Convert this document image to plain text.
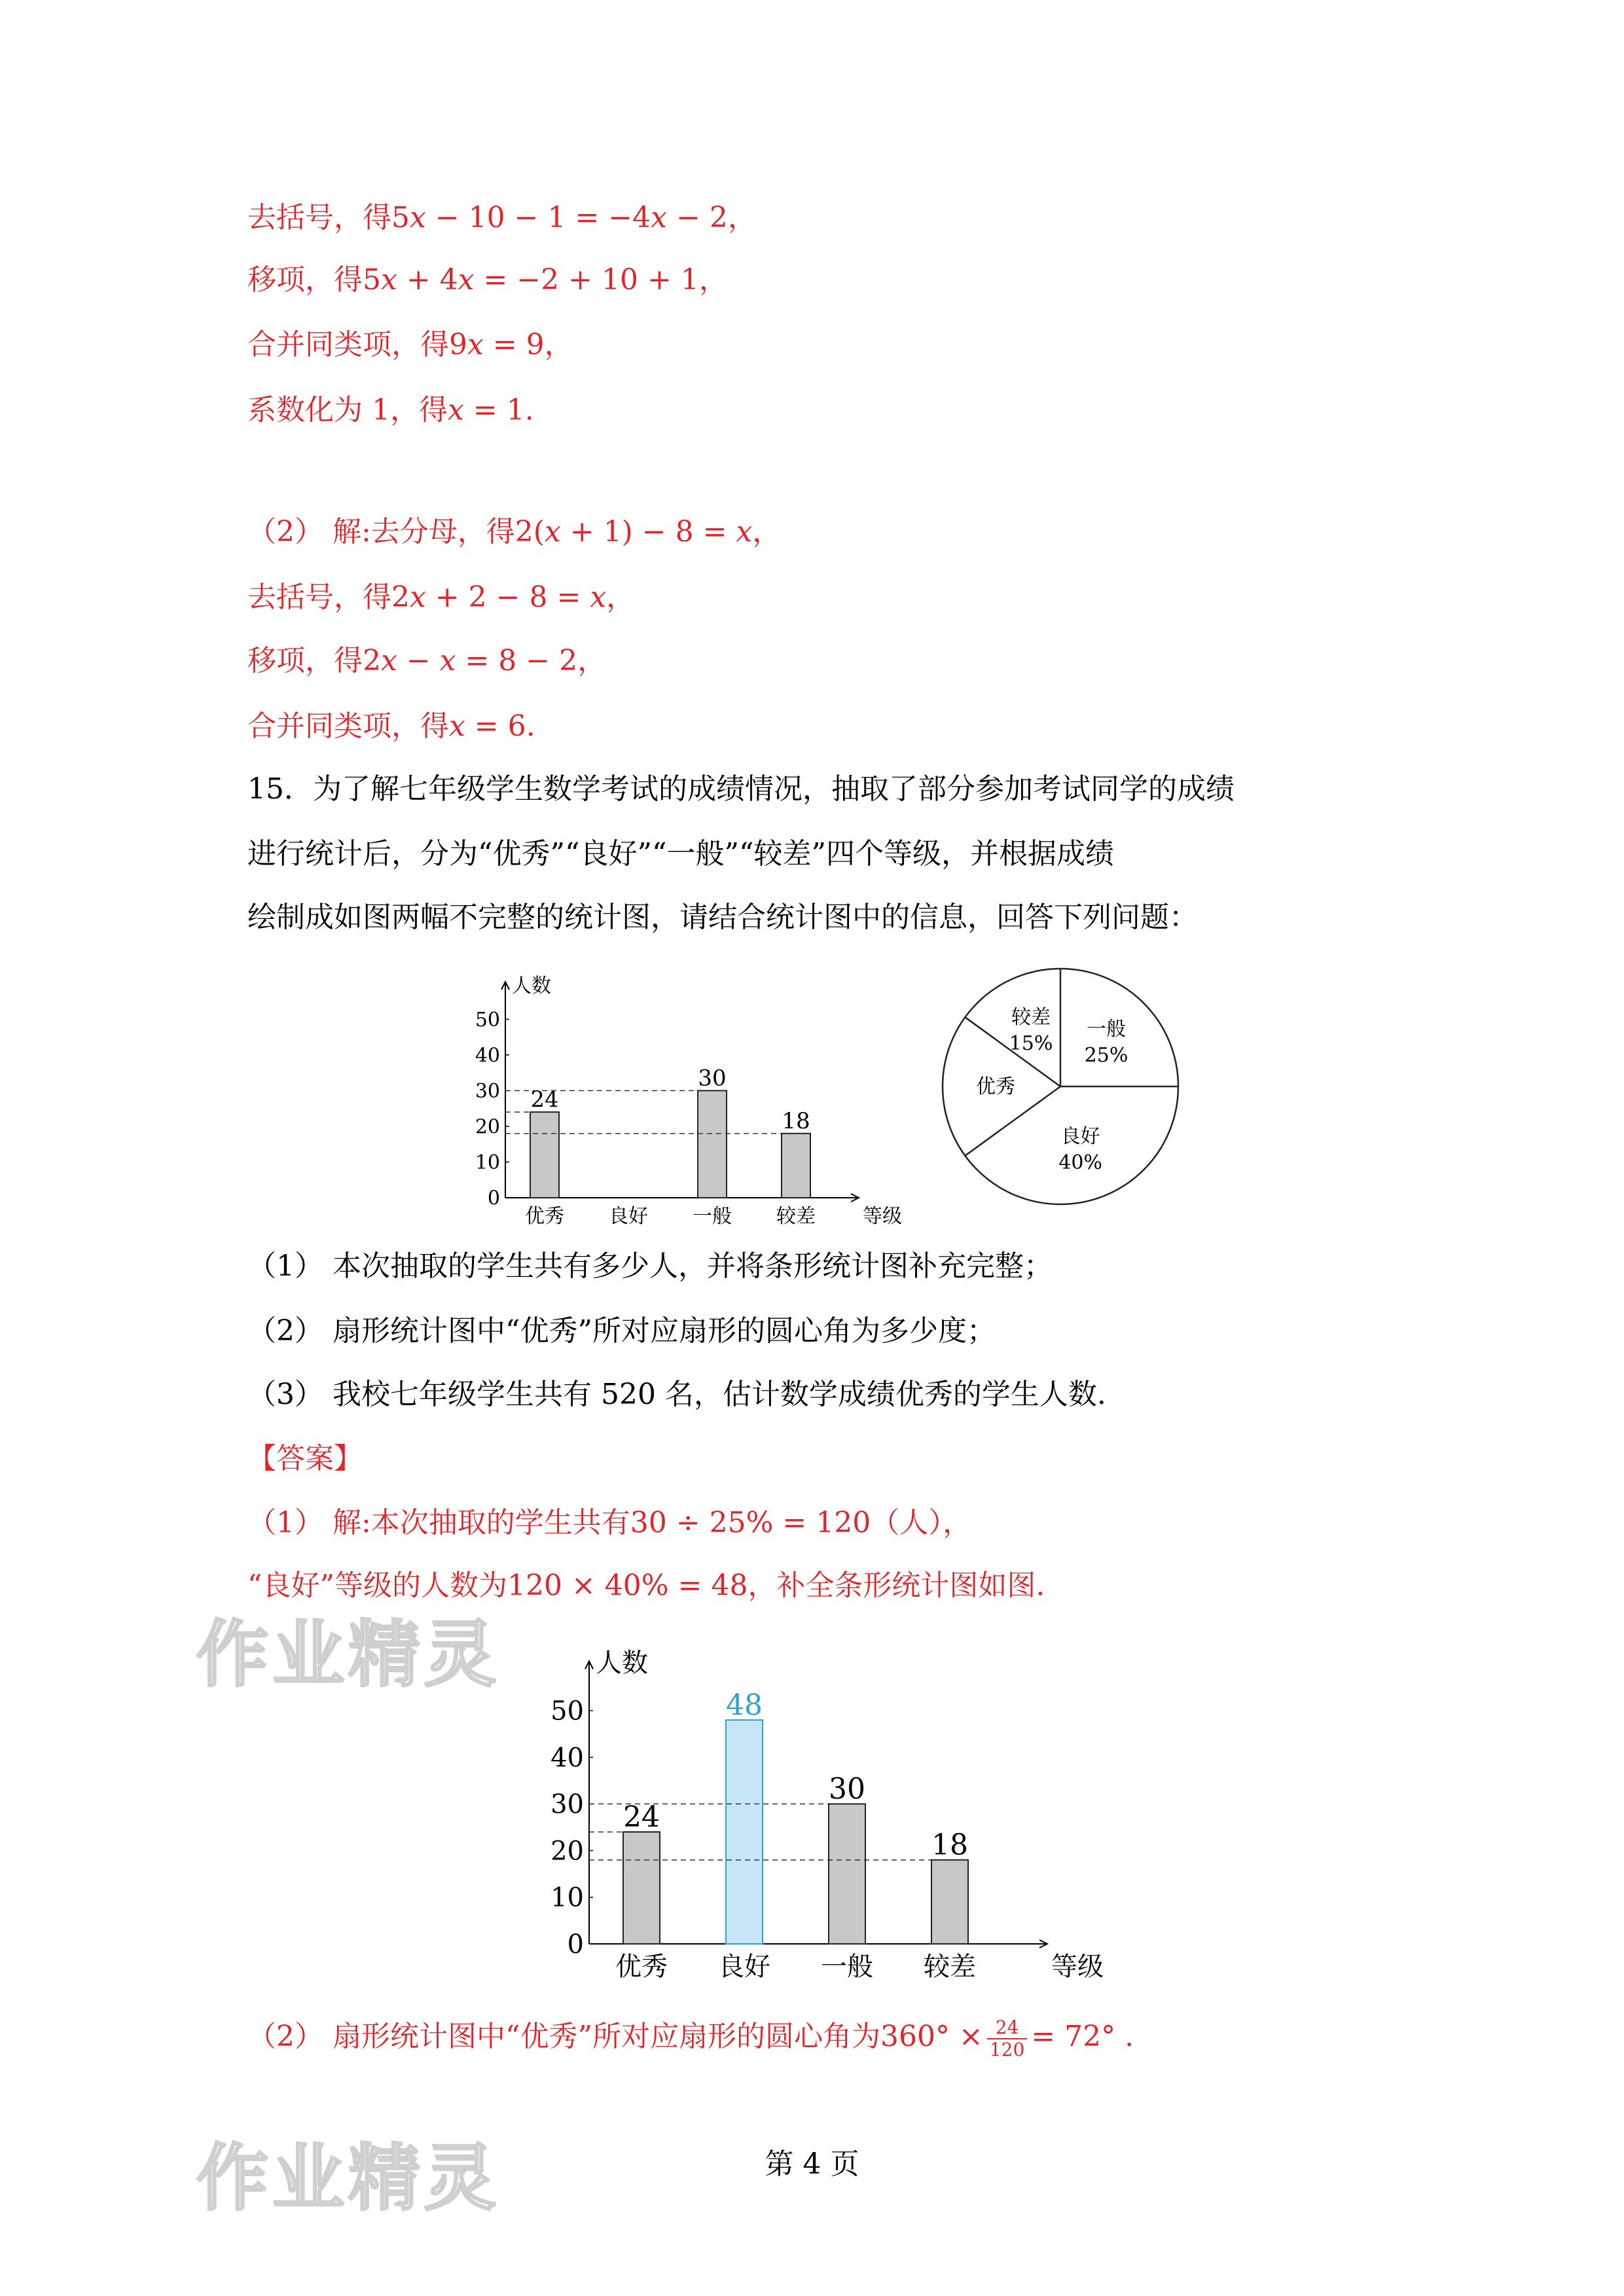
去括号，得5𝑥 − 10 − 1 = −4𝑥 − 2，
移项，得5𝑥 + 4𝑥 = −2 + 10 + 1，
合并同类项，得9𝑥 = 9，
系数化为 1，得𝑥 = 1.
（2） 解:去分母，得2(𝑥 + 1) − 8 = 𝑥，
去括号，得2𝑥 + 2 − 8 = 𝑥，
移项，得2𝑥 − 𝑥 = 8 − 2，
合并同类项，得𝑥 = 6.
15．为了解七年级学生数学考试的成绩情况，抽取了部分参加考试同学的成绩
进行统计后，分为“优秀”“良好”“一般”“较差”四个等级，并根据成绩
绘制成如图两幅不完整的统计图，请结合统计图中的信息，回答下列问题：
人数
等级
0
10
20
30
40
50
优秀
24
良好 一般
30
较差
18
一般
25%
良好
40%
优秀
较差
15%
（1） 本次抽取的学生共有多少人，并将条形统计图补充完整；
（2） 扇形统计图中“优秀”所对应扇形的圆心角为多少度；
（3） 我校七年级学生共有 520 名，估计数学成绩优秀的学生人数.
【答案】
（1） 解:本次抽取的学生共有30 ÷ 25% = 120（人），
“良好”等级的人数为120 × 40% = 48，补全条形统计图如图.
作业精灵	人数
等级
0
10
20
30
40
50
优秀
24
良好
48
一般
30
较差
18
（2） 扇形统计图中“优秀”所对应扇形的圆心角为$360^\circ \times \frac{24}{120} = 72^\circ$ .
第 4 页
作业精灵
